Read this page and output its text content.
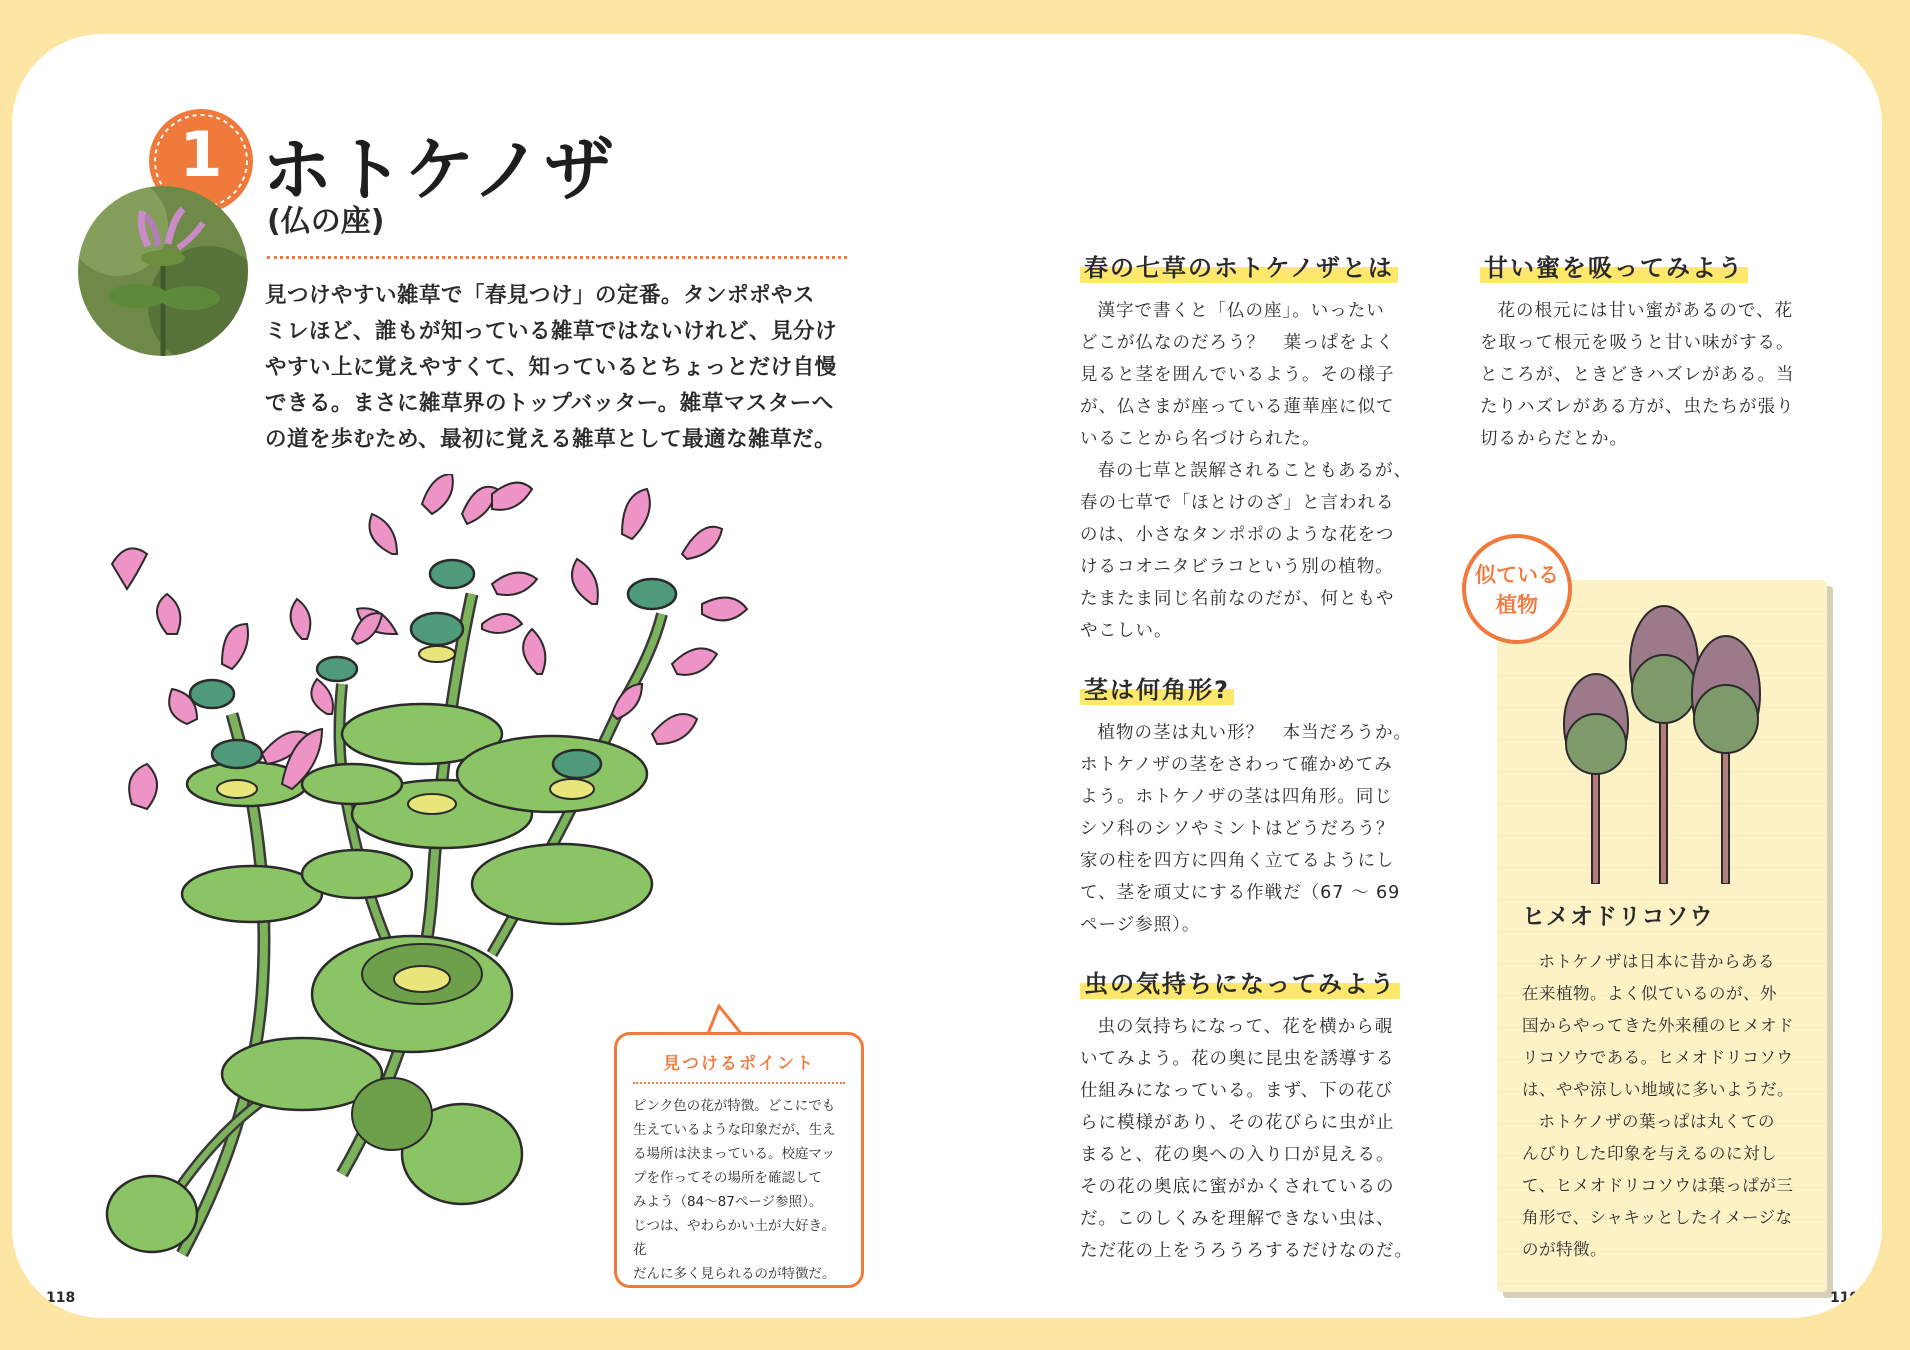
1 ホトケノザ
(仏の座)
見つけやすい雑草で「春見つけ」の定番。タンポポやス
ミレほど、誰もが知っている雑草ではないけれど、見分け
やすい上に覚えやすくて、知っているとちょっとだけ自慢
できる。まさに雑草界のトップバッター。雑草マスターへ
の道を歩むため、最初に覚える雑草として最適な雑草だ。
見つけるポイント
ピンク色の花が特徴。どこにでも
生えているような印象だが、生え
る場所は決まっている。校庭マッ
プを作ってその場所を確認して
みよう（84〜87ページ参照）。
じつは、やわらかい土が大好き。花
だんに多く見られるのが特徴だ。
118
春の七草のホトケノザとは

漢字で書くと「仏の座」。いったい
どこが仏なのだろう？　葉っぱをよく
見ると茎を囲んでいるよう。その様子
が、仏さまが座っている蓮華座に似て
いることから名づけられた。

春の七草と誤解されることもあるが、
春の七草で「ほとけのざ」と言われる
のは、小さなタンポポのような花をつ
けるコオニタビラコという別の植物。
たまたま同じ名前なのだが、何ともや
やこしい。

茎は何角形?

植物の茎は丸い形？　本当だろうか。
ホトケノザの茎をさわって確かめてみ
よう。ホトケノザの茎は四角形。同じ
シソ科のシソやミントはどうだろう？
家の柱を四方に四角く立てるようにし
て、茎を頑丈にする作戦だ（67 〜 69
ページ参照）。

虫の気持ちになってみよう

虫の気持ちになって、花を横から覗
いてみよう。花の奥に昆虫を誘導する
仕組みになっている。まず、下の花び
らに模様があり、その花びらに虫が止
まると、花の奥への入り口が見える。
その花の奥底に蜜がかくされているの
だ。このしくみを理解できない虫は、
ただ花の上をうろうろするだけなのだ。

甘い蜜を吸ってみよう

花の根元には甘い蜜があるので、花
を取って根元を吸うと甘い味がする。
ところが、ときどきハズレがある。当
たりハズレがある方が、虫たちが張り
切るからだとか。

似ている
植物
ヒメオドリコソウ

ホトケノザは日本に昔からある
在来植物。よく似ているのが、外
国からやってきた外来種のヒメオド
リコソウである。ヒメオドリコソウ
は、やや涼しい地域に多いようだ。

ホトケノザの葉っぱは丸くての
んびりした印象を与えるのに対し
て、ヒメオドリコソウは葉っぱが三
角形で、シャキッとしたイメージな
のが特徴。

119
